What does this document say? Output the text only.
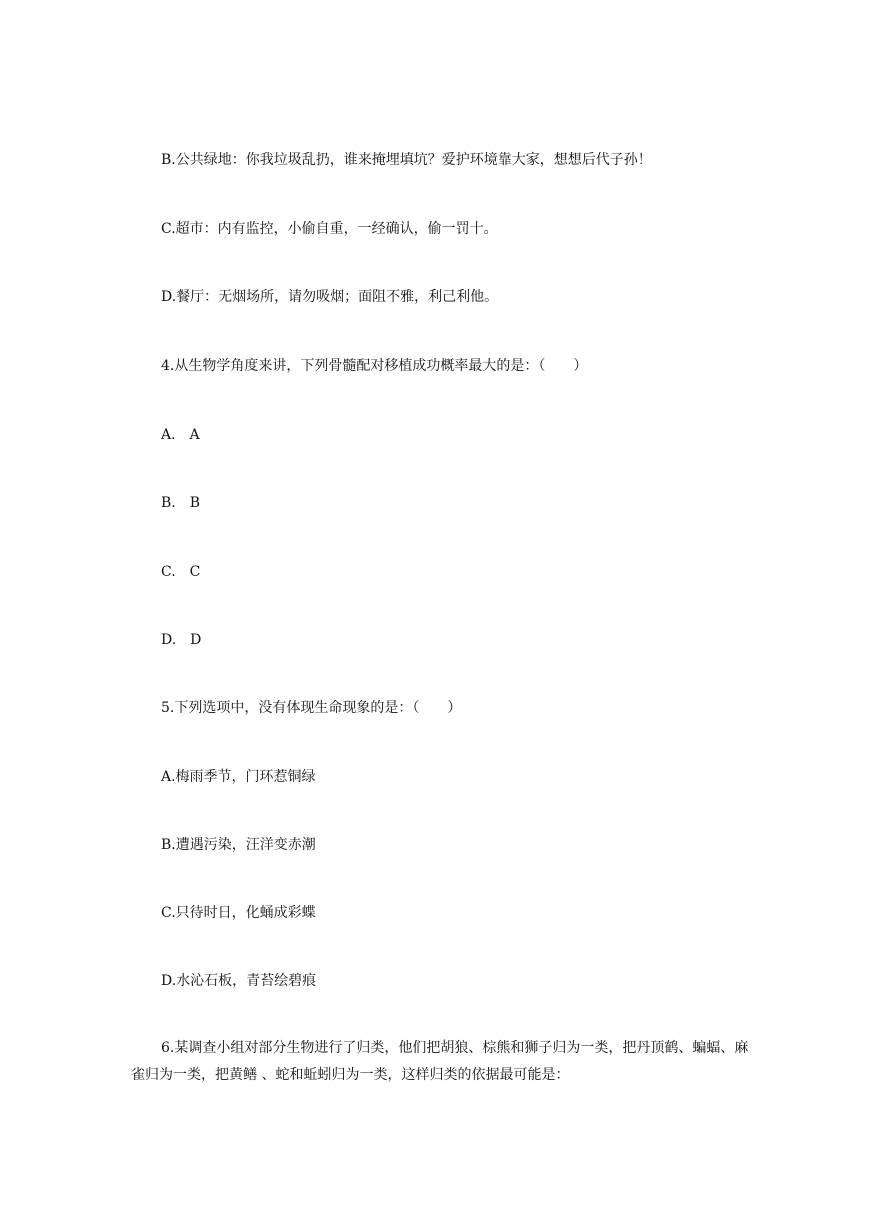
B.公共绿地：你我垃圾乱扔，谁来掩埋填坑？爱护环境靠大家，想想后代子孙！
C.超市：内有监控，小偷自重，一经确认，偷一罚十。
D.餐厅：无烟场所，请勿吸烟；面阻不雅，利己利他。
4.从生物学角度来讲，下列骨髓配对移植成功概率最大的是：（　　）
A.　A
B.　B
C.　C
D.　D
5.下列选项中，没有体现生命现象的是：（　　）
A.梅雨季节，门环惹铜绿
B.遭遇污染，汪洋变赤潮
C.只待时日，化蛹成彩蝶
D.水沁石板，青苔绘碧痕
6.某调查小组对部分生物进行了归类，他们把胡狼、棕熊和狮子归为一类，把丹顶鹤、蝙蝠、麻雀归为一类，把黄鳝 、蛇和蚯蚓归为一类，这样归类的依据最可能是：
